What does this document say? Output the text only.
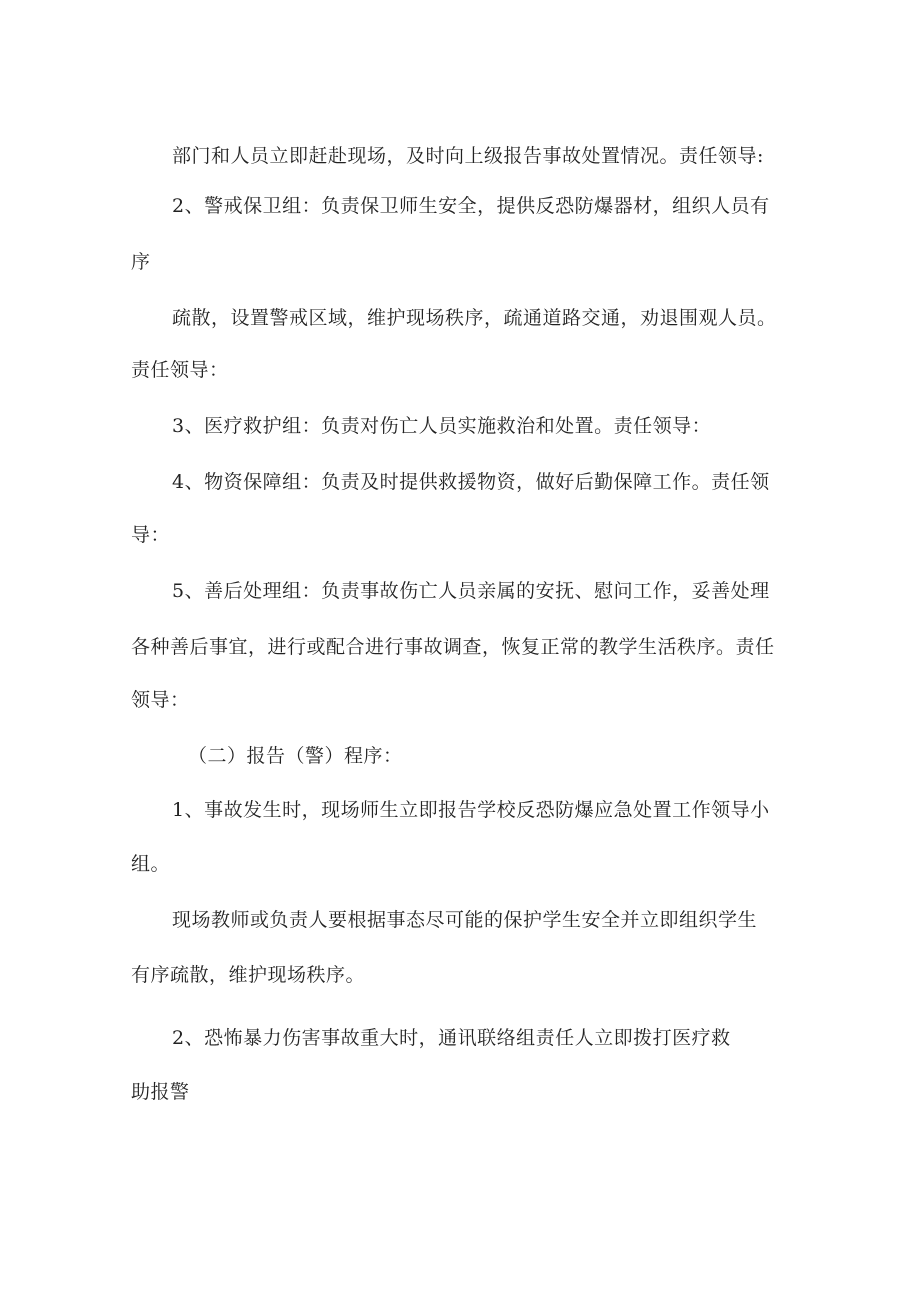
部门和人员立即赶赴现场，及时向上级报告事故处置情况。责任领导:

2、警戒保卫组：负责保卫师生安全，提供反恐防爆器材，组织人员有

序

疏散，设置警戒区域，维护现场秩序，疏通道路交通，劝退围观人员。

责任领导：

3、医疗救护组：负责对伤亡人员实施救治和处置。责任领导：

4、物资保障组：负责及时提供救援物资，做好后勤保障工作。责任领

导：

5、善后处理组：负责事故伤亡人员亲属的安抚、慰问工作，妥善处理

各种善后事宜，进行或配合进行事故调查，恢复正常的教学生活秩序。责任

领导：

（二）报告（警）程序：

1、事故发生时，现场师生立即报告学校反恐防爆应急处置工作领导小

组。

现场教师或负责人要根据事态尽可能的保护学生安全并立即组织学生

有序疏散，维护现场秩序。

2、恐怖暴力伤害事故重大时，通讯联络组责任人立即拨打医疗救

助报警
